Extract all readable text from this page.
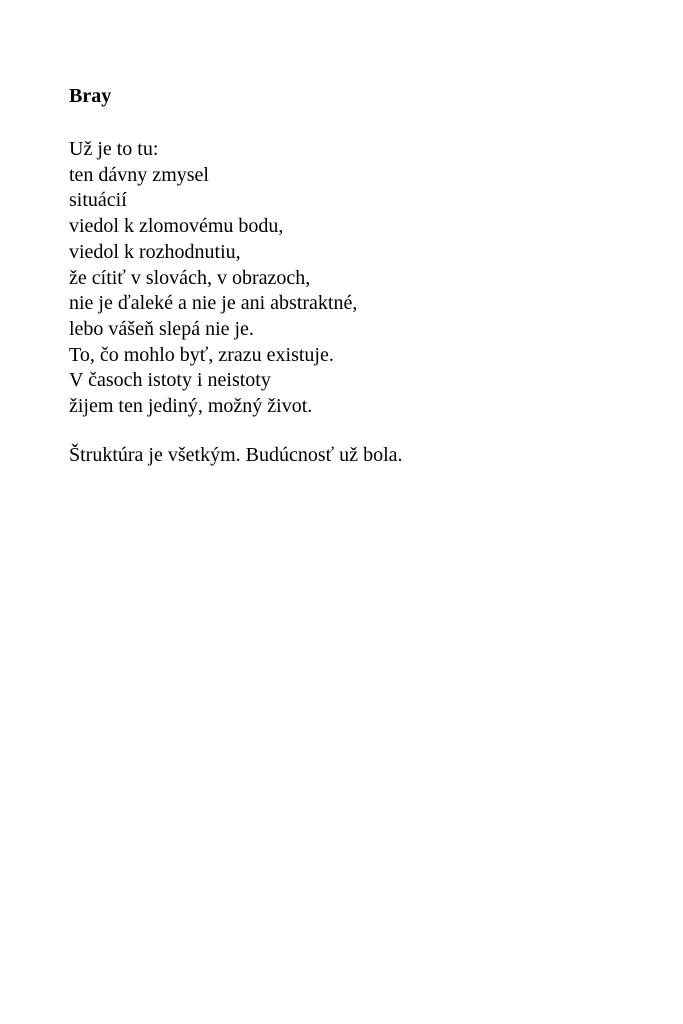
Bray
Už je to tu:
ten dávny zmysel
situácií
viedol k zlomovému bodu,
viedol k rozhodnutiu,
že cítiť v slovách, v obrazoch,
nie je ďaleké a nie je ani abstraktné,
lebo vášeň slepá nie je.
To, čo mohlo byť, zrazu existuje.
V časoch istoty i neistoty
žijem ten jediný, možný život.

Štruktúra je všetkým. Budúcnosť už bola.
